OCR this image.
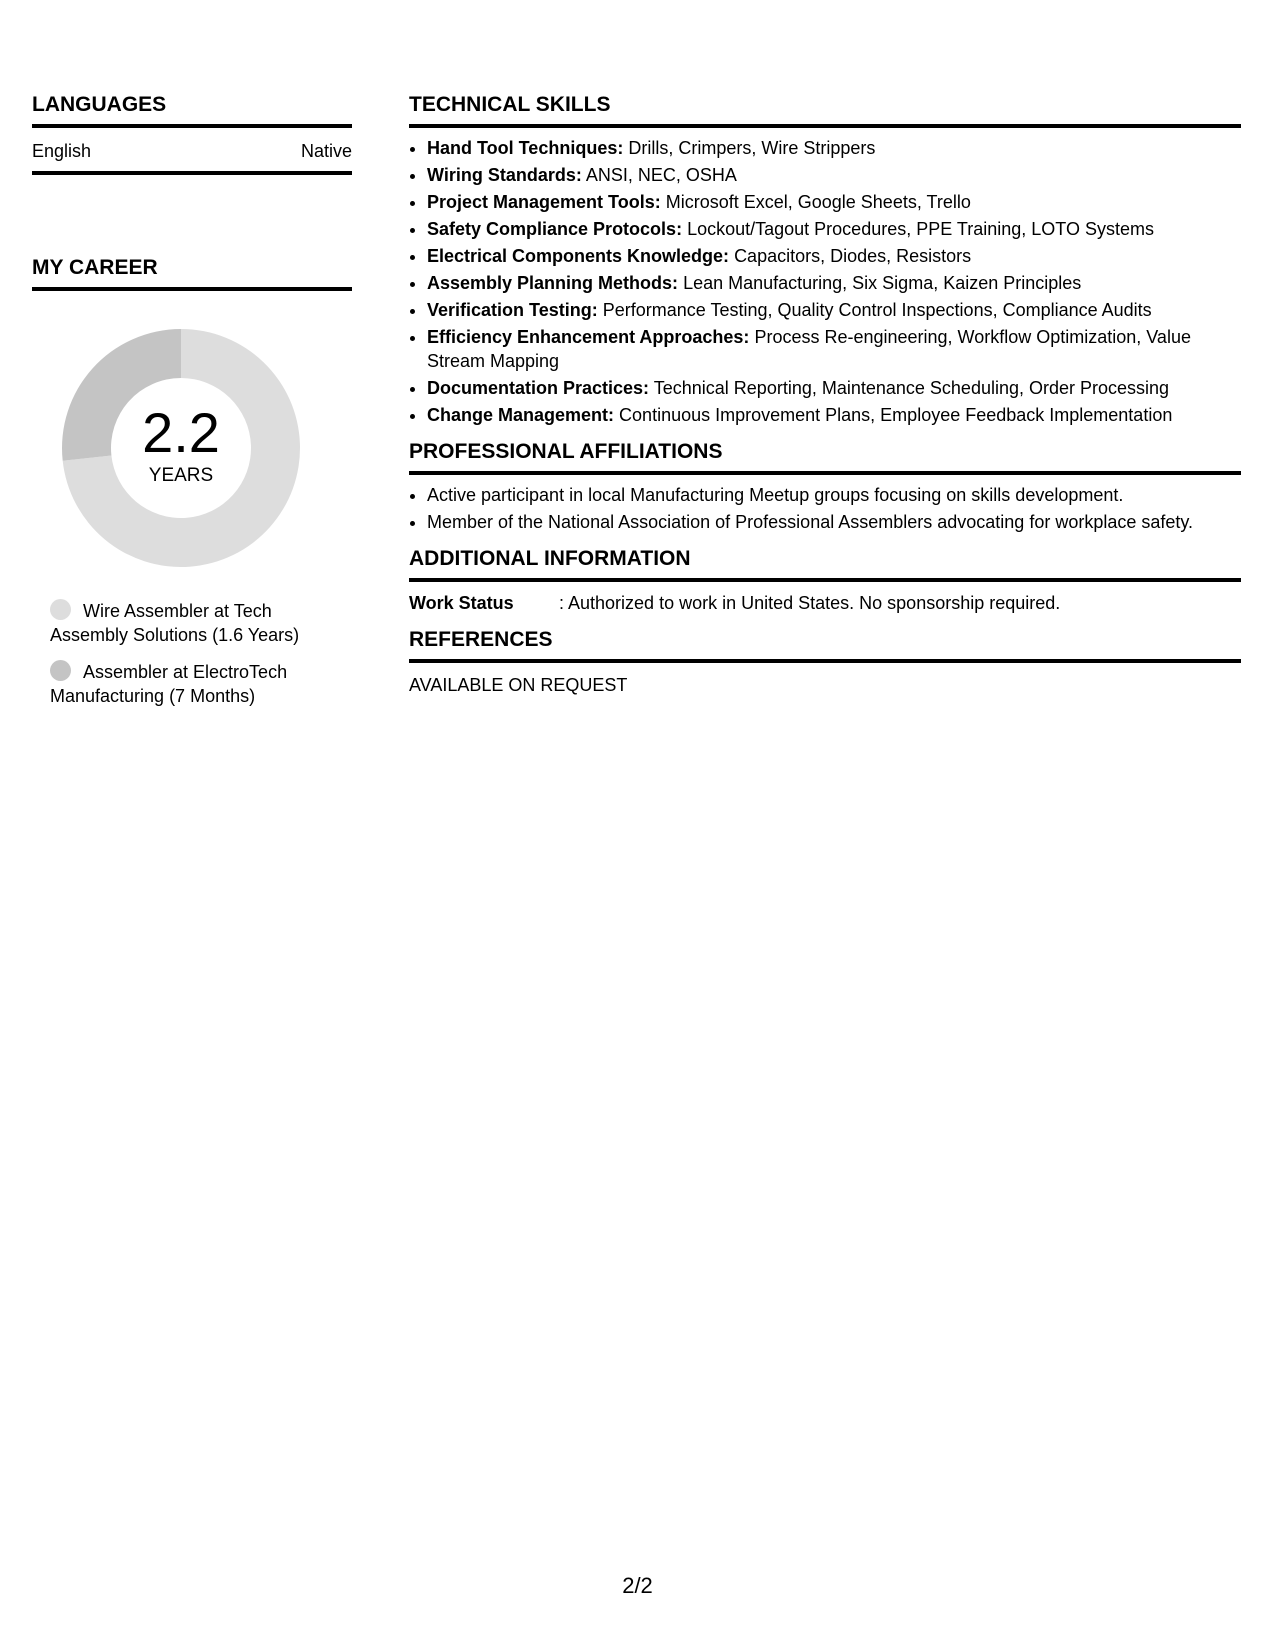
LANGUAGES
English	Native
MY CAREER
2.2
YEARS
Wire Assembler at Tech Assembly Solutions (1.6 Years)
Assembler at ElectroTech Manufacturing (7 Months)
TECHNICAL SKILLS
• Hand Tool Techniques: Drills, Crimpers, Wire Strippers
• Wiring Standards: ANSI, NEC, OSHA
• Project Management Tools: Microsoft Excel, Google Sheets, Trello
• Safety Compliance Protocols: Lockout/Tagout Procedures, PPE Training, LOTO Systems
• Electrical Components Knowledge: Capacitors, Diodes, Resistors
• Assembly Planning Methods: Lean Manufacturing, Six Sigma, Kaizen Principles
• Verification Testing: Performance Testing, Quality Control Inspections, Compliance Audits
• Efficiency Enhancement Approaches: Process Re-engineering, Workflow Optimization, Value Stream Mapping
• Documentation Practices: Technical Reporting, Maintenance Scheduling, Order Processing
• Change Management: Continuous Improvement Plans, Employee Feedback Implementation
PROFESSIONAL AFFILIATIONS
• Active participant in local Manufacturing Meetup groups focusing on skills development.
• Member of the National Association of Professional Assemblers advocating for workplace safety.
ADDITIONAL INFORMATION
Work Status	: Authorized to work in United States. No sponsorship required.
REFERENCES
AVAILABLE ON REQUEST
2/2
